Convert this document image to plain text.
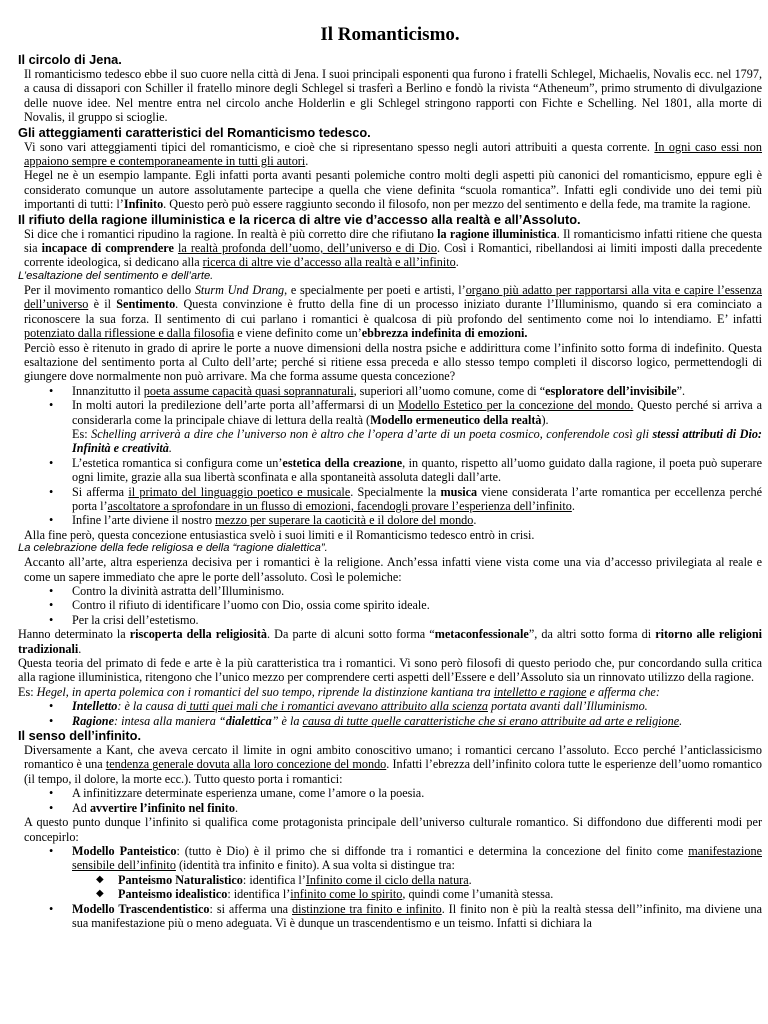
Il Romanticismo.
Il circolo di Jena.

Il romanticismo tedesco ebbe il suo cuore nella città di Jena. I suoi principali esponenti qua furono i fratelli Schlegel, Michaelis, Novalis ecc. nel 1797, a causa di dissapori con Schiller il fratello minore degli Schlegel si trasferì a Berlino e fondò la rivista “Atheneum”, primo strumento di divulgazione delle nuove idee. Nel mentre entra nel circolo anche Holderlin e gli Schlegel stringono rapporti con Fichte e Schelling. Nel 1801, alla morte di Novalis, il gruppo si scioglie.

Gli atteggiamenti caratteristici del Romanticismo tedesco.

Vi sono vari atteggiamenti tipici del romanticismo, e cioè che si ripresentano spesso negli autori attribuiti a questa corrente. In ogni caso essi non appaiono sempre e contemporaneamente in tutti gli autori.

Hegel ne è un esempio lampante. Egli infatti porta avanti pesanti polemiche contro molti degli aspetti più canonici del romanticismo, eppure egli è considerato comunque un autore assolutamente partecipe a quella che viene definita “scuola romantica”. Infatti egli condivide uno dei temi più importanti di tutti: l’Infinito. Questo però può essere raggiunto secondo il filosofo, non per mezzo del sentimento e della fede, ma tramite la ragione.

Il rifiuto della ragione illuministica e la ricerca di altre vie d’accesso alla realtà e all’Assoluto.

Si dice che i romantici ripudino la ragione. In realtà è più corretto dire che rifiutano la ragione illuministica. Il romanticismo infatti ritiene che questa sia incapace di comprendere la realtà profonda dell’uomo, dell’universo e di Dio. Così i Romantici, ribellandosi ai limiti imposti dalla precedente corrente ideologica, si dedicano alla ricerca di altre vie d’accesso alla realtà e all’infinito.

L’esaltazione del sentimento e dell’arte.

Per il movimento romantico dello Sturm Und Drang, e specialmente per poeti e artisti, l’organo più adatto per rapportarsi alla vita e capire l’essenza dell’universo è il Sentimento. Questa convinzione è frutto della fine di un processo iniziato durante l’Illuminismo, quando si era cominciato a riconoscere la sua forza. Il sentimento di cui parlano i romantici è qualcosa di più profondo del sentimento come noi lo intendiamo. E’ infatti potenziato dalla riflessione e dalla filosofia e viene definito come un’ebbrezza indefinita di emozioni.

Perciò esso è ritenuto in grado di aprire le porte a nuove dimensioni della nostra psiche e addirittura come l’infinito sotto forma di indefinito. Questa esaltazione del sentimento porta al Culto dell’arte; perché si ritiene essa preceda e allo stesso tempo completi il discorso logico, permettendogli di giungere dove normalmente non può arrivare. Ma che forma assume questa concezione?

• Innanzitutto il poeta assume capacità quasi soprannaturali, superiori all’uomo comune, come di “esploratore dell’invisibile”.
• In molti autori la predilezione dell’arte porta all’affermarsi di un Modello Estetico per la concezione del mondo. Questo perché si arriva a considerarla come la principale chiave di lettura della realtà (Modello ermeneutico della realtà).

Es: Schelling arriverà a dire che l’universo non è altro che l’opera d’arte di un poeta cosmico, conferendole così gli stessi attributi di Dio: Infinità e creatività.

• L’estetica romantica si configura come un’estetica della creazione, in quanto, rispetto all’uomo guidato dalla ragione, il poeta può superare ogni limite, grazie alla sua libertà sconfinata e alla spontaneità assoluta dategli dall’arte.
• Si afferma il primato del linguaggio poetico e musicale. Specialmente la musica viene considerata l’arte romantica per eccellenza perché porta l’ascoltatore a sprofondare in un flusso di emozioni, facendogli provare l’esperienza dell’infinito.
• Infine l’arte diviene il nostro mezzo per superare la caoticità e il dolore del mondo.

Alla fine però, questa concezione entusiastica svelò i suoi limiti e il Romanticismo tedesco entrò in crisi.

La celebrazione della fede religiosa e della “ragione dialettica”.

Accanto all’arte, altra esperienza decisiva per i romantici è la religione. Anch’essa infatti viene vista come una via d’accesso privilegiata al reale e come un sapere immediato che apre le porte dell’assoluto. Così le polemiche:

• Contro la divinità astratta dell’Illuminismo.
• Contro il rifiuto di identificare l’uomo con Dio, ossia come spirito ideale.
• Per la crisi dell’estetismo.

Hanno determinato la riscoperta della religiosità. Da parte di alcuni sotto forma “metaconfessionale”, da altri sotto forma di ritorno alle religioni tradizionali.

Questa teoria del primato di fede e arte è la più caratteristica tra i romantici. Vi sono però filosofi di questo periodo che, pur concordando sulla critica alla ragione illuministica, ritengono che l’unico mezzo per comprendere certi aspetti dell’Essere e dell’Assoluto sia un rinnovato utilizzo della ragione.

Es: Hegel, in aperta polemica con i romantici del suo tempo, riprende la distinzione kantiana tra intelletto e ragione e afferma che:

• Intelletto: è la causa di tutti quei mali che i romantici avevano attribuito alla scienza portata avanti dall’Illuminismo.
• Ragione: intesa alla maniera “dialettica” è la causa di tutte quelle caratteristiche che si erano attribuite ad arte e religione.
Il senso dell’infinito.

Diversamente a Kant, che aveva cercato il limite in ogni ambito conoscitivo umano; i romantici cercano l’assoluto. Ecco perché l’anticlassicismo romantico è una tendenza generale dovuta alla loro concezione del mondo. Infatti l’ebrezza dell’infinito colora tutte le esperienze dell’uomo romantico (il tempo, il dolore, la morte ecc.). Tutto questo porta i romantici:

• A infinitizzare determinate esperienza umane, come l’amore o la poesia.
• Ad avvertire l’infinito nel finito.

A questo punto dunque l’infinito si qualifica come protagonista principale dell’universo culturale romantico. Si diffondono due differenti modi per concepirlo:

• Modello Panteistico: (tutto è Dio) è il primo che si diffonde tra i romantici e determina la concezione del finito come manifestazione sensibile dell’infinito (identità tra infinito e finito). A sua volta si distingue tra:
◆ Panteismo Naturalistico: identifica l’Infinito come il ciclo della natura.
◆ Panteismo idealistico: identifica l’infinito come lo spirito, quindi come l’umanità stessa.
• Modello Trascendentistico: si afferma una distinzione tra finito e infinito. Il finito non è più la realtà stessa dell’’infinito, ma diviene una sua manifestazione più o meno adeguata. Vi è dunque un trascendentismo e un teismo. Infatti si dichiara la
